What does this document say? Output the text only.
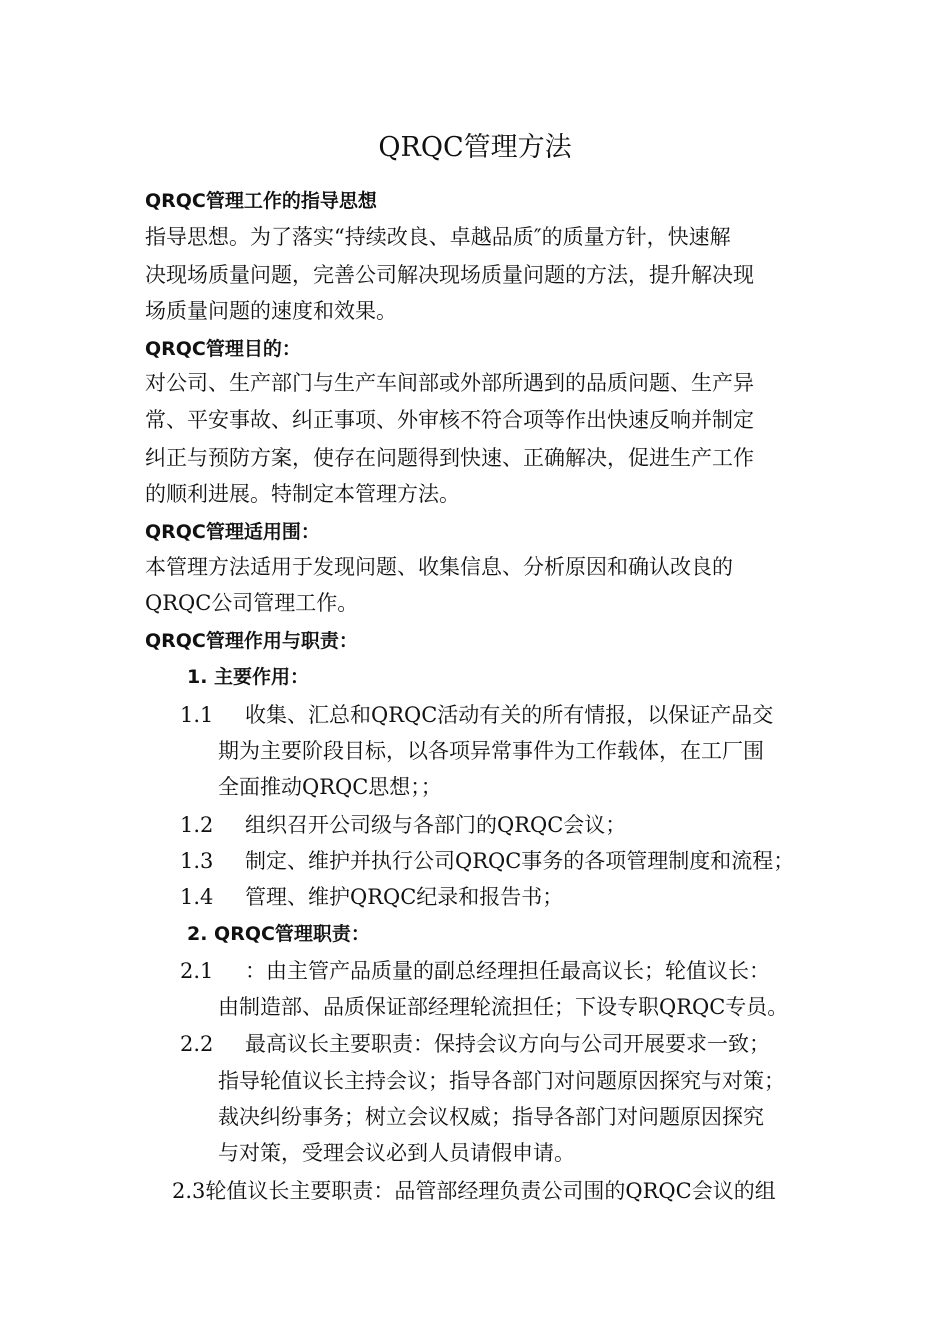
QRQC管理方法
QRQC管理工作的指导思想
指导思想。为了落实“持续改良、卓越品质″的质量方针，快速解
决现场质量问题，完善公司解决现场质量问题的方法，提升解决现
场质量问题的速度和效果。
QRQC管理目的：
对公司、生产部门与生产车间部或外部所遇到的品质问题、生产异
常、平安事故、纠正事项、外审核不符合项等作出快速反响并制定
纠正与预防方案，使存在问题得到快速、正确解决，促进生产工作
的顺利进展。特制定本管理方法。
QRQC管理适用围：
本管理方法适用于发现问题、收集信息、分析原因和确认改良的
QRQC公司管理工作。
QRQC管理作用与职责：
1. 主要作用：
1.1 收集、汇总和QRQC活动有关的所有情报，以保证产品交
期为主要阶段目标，以各项异常事件为工作载体，在工厂围
全面推动QRQC思想；；
1.2 组织召开公司级与各部门的QRQC会议；
1.3 制定、维护并执行公司QRQC事务的各项管理制度和流程；
1.4 管理、维护QRQC纪录和报告书；
2. QRQC管理职责：
2.1 ：由主管产品质量的副总经理担任最高议长；轮值议长：
由制造部、品质保证部经理轮流担任；下设专职QRQC专员。
2.2 最高议长主要职责：保持会议方向与公司开展要求一致；
指导轮值议长主持会议；指导各部门对问题原因探究与对策；
裁决纠纷事务；树立会议权威；指导各部门对问题原因探究
与对策，受理会议必到人员请假申请。
2.3轮值议长主要职责：品管部经理负责公司围的QRQC会议的组
